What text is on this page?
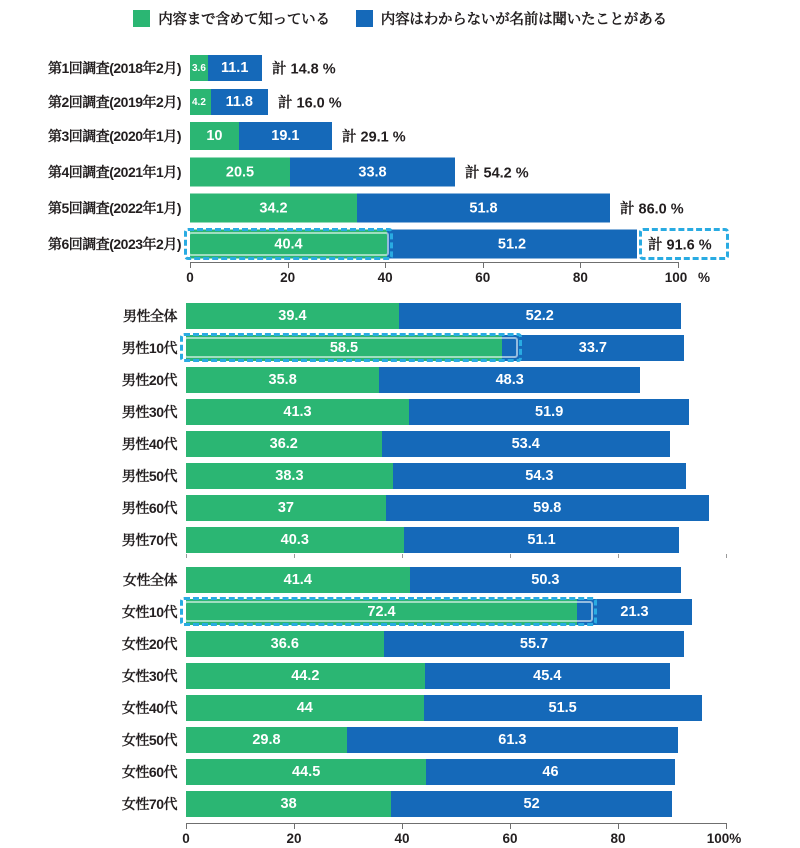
内容まで含めて知っている	内容はわからないが名前は聞いたことがある
第1回調査(2018年2月)	3.6	11.1	計 14.8 %
第2回調査(2019年2月)	4.2	11.8	計 16.0 %
第3回調査(2020年1月)	10	19.1	計 29.1 %
第4回調査(2021年1月)	20.5	33.8	計 54.2 %
第5回調査(2022年1月)	34.2	51.8	計 86.0 %
第6回調査(2023年2月)	40.4	51.2	計 91.6 %
0	20	40	60	80	100 %
男性全体	39.4	52.2
男性10代	58.5	33.7
男性20代	35.8	48.3
男性30代	41.3	51.9
男性40代	36.2	53.4
男性50代	38.3	54.3
男性60代	37	59.8
男性70代	40.3	51.1
女性全体	41.4	50.3
女性10代	72.4	21.3
女性20代	36.6	55.7
女性30代	44.2	45.4
女性40代	44	51.5
女性50代	29.8	61.3
女性60代	44.5	46
女性70代	38	52
0	20	40	60	80	100%
